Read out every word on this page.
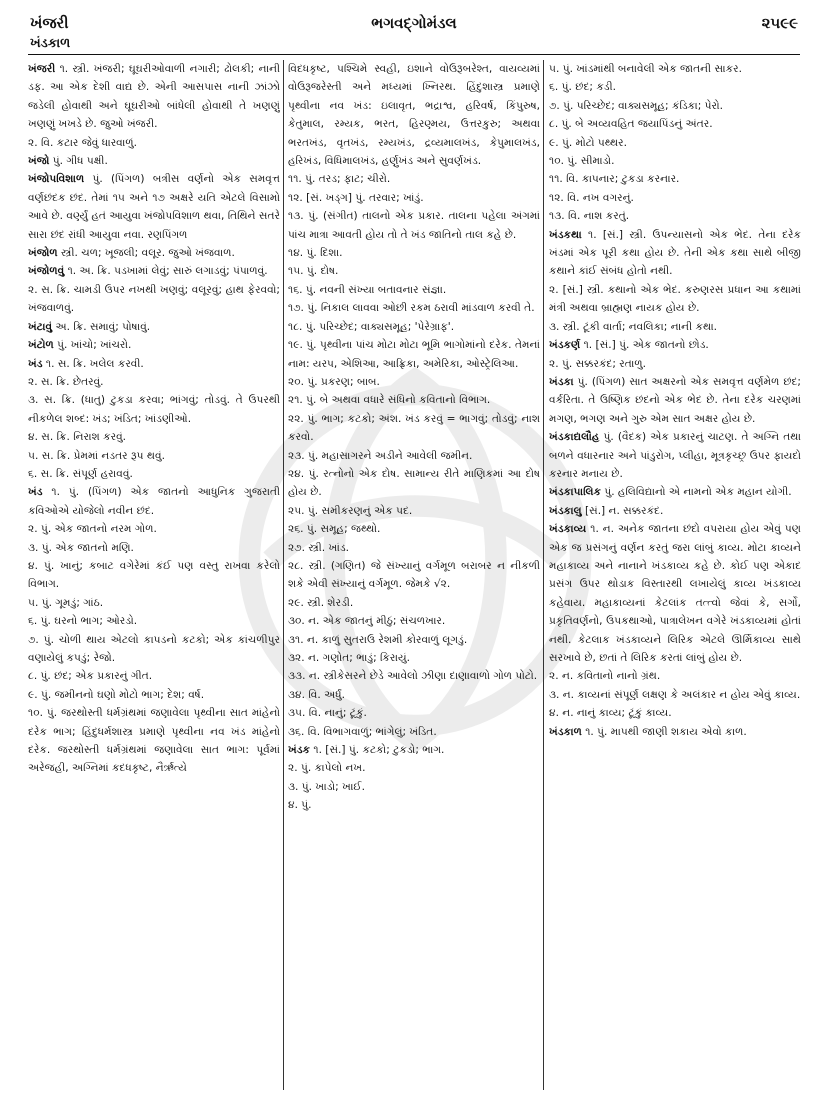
ભગવદ્ગોમંડલ
ખંજરી	૨૫૯૯
ખંડકાળ

ખંજરી ૧. સ્ત્રી. ખંજરી; ઘૂઘરીઓવાળી નગારી; ઢોલકી; નાની ડફ. આ એક દેશી વાદ્ય છે. એની આસપાસ નાની ઝાંઝો જડેલી હોવાથી અને ઘૂઘરીઓ બાંધેલી હોવાથી તે ખણણું ખણણું ખખડે છે. જુઓ ખંજરી.

૨. વિ. કટાર જેવું ધારવાળું.

ખંજો પું. ગીધ પક્ષી.

ખંજોપવિશાળ પું. (પિંગળ) બત્રીસ વર્ણનો એક સમવૃત્ત વર્ણછંદક છંદ. તેમાં ૧૫ અને ૧૭ અક્ષરે યતિ એટલે વિસામો આવે છે. વર્ણ્યું હતં આયુવા ખંજોપવિશાળ થવા, તિથિને સતરે સારા છંદ રાંધી આયુવા નવા. રણપિંગળ

ખંજોળ સ્ત્રી. ચળ; ખૂજલી; વલૂર. જુઓ ખંજવાળ.

ખંજોળવું ૧. અ. ક્રિ. પડખામાં લેવું; સારું લગાડવું; પંપાળવું.

૨. સ. ક્રિ. ચામડી ઉપર નખથી ખણવું; વલૂરવું; હાથ ફેરવવો; ખંજવાળવું.

ખંટાવું અ. ક્રિ. સમાવું; પોષાવું.

ખંટોળ પું. ખાંચો; ખાંચરો.

ખંડ ૧. સ. ક્રિ. ખલેલ કરવી.

૨. સ. ક્રિ. છેતરવું.

૩. સ. ક્રિ. (ધાતુ) ટુકડા કરવા; ભાંગવું; તોડવું. તે ઉપરથી નીકળેલ શબ્દ: ખંડ; ખંડિત; ખાંડણીઓ.

૪. સ. ક્રિ. નિરાશ કરવું.

૫. સ. ક્રિ. પ્રેમમાં નડતર રૂપ થવું.

૬. સ. ક્રિ. સંપૂર્ણ હરાવવું.

ખંડ ૧. પું. (પિંગળ) એક જાતનો આધુનિક ગુજરાતી કવિઓએ યોજેલો નવીન છંદ.

૨. પું. એક જાતનો નરમ ગોળ.

૩. પું. એક જાતનો મણિ.

૪. પું. ખાનું; કબાટ વગેરેમાં કંઈ પણ વસ્તુ રાખવા કરેલો વિભાગ.

૫. પું. ગૂમડું; ગાંઠ.

૬. પું. ઘરનો ભાગ; ઓરડો.

૭. પું. ચોળી થાય એટલો કાપડનો કટકો; એક કાંચળીપુર વણાયેલું કપડું; રેજો.

૮. પું. છંદ; એક પ્રકારનું ગીત.

૯. પું. જમીનનો ઘણો મોટો ભાગ; દેશ; વર્ષ.

૧૦. પું. જરથોસ્તી ધર્મગ્રંથમાં જણાવેલા પૃથ્વીના સાત માંહેનો દરેક ભાગ; હિંદુધર્મશાસ્ત્ર પ્રમાણે પૃથ્વીના નવ ખંડ માંહેનો દરેક. જરથોસ્તી ધર્મગ્રંથમાં જણાવેલા સાત ભાગ: પૂર્વમાં અરેજહી, અગ્નિમાં કદધકૃષ્ટ, નૈર્ઋત્યે

વિદધકૃષ્ટ, પશ્ચિમે સ્વહી, ઇશાને વોઉરૂબરેશ્ત, વાયવ્યમાં વોઉરૂજરેસ્તી અને મધ્યમાં ખ્નિરથ. હિંદુશાસ્ત્ર પ્રમાણે પૃથ્વીના નવ ખંડ: ઇલાવૃત, ભદ્રાશ્વ, હરિવર્ષ, કિંપુરુષ, કેતુમાલ, રમ્યક, ભરત, હિરણ્મય, ઉત્તરકુરુ; અથવા ભરતખંડ, વૃતખંડ, રમ્યખંડ, દ્રવ્યમાલખંડ, કેપુમાલખંડ, હરિખંડ, વિધિમાલખંડ, હર્ણુખંડ અને સુવર્ણખંડ.

૧૧. પું. તરડ; ફાટ; ચીરો.

૧૨. [સં. ખડ્ગ] પું. તરવાર; ખાંડું.

૧૩. પું. (સંગીત) તાલનો એક પ્રકાર. તાલના પહેલા અંગમાં પાંચ માત્રા આવતી હોય તો તે ખંડ જાતિનો તાલ કહે છે.

૧૪. પું. દિશા.

૧૫. પું. દોષ.

૧૬. પું. નવની સંખ્યા બતાવનાર સંજ્ઞા.

૧૭. પું. નિકાલ લાવવા ઓછી રકમ ઠરાવી માંડવાળ કરવી તે.

૧૮. પું. પરિચ્છેદ; વાક્યસમૂહ; 'પેરેગ્રાફ'.

૧૯. પું. પૃથ્વીના પાંચ મોટા મોટા ભૂમિ ભાગોમાંનો દરેક. તેમનાં નામ: યરપ, એશિઆ, આફ્રિકા, અમેરિકા, ઓસ્ટ્રેલિઆ.

૨૦. પું. પ્રકરણ; બાબ.

૨૧. પું. બે અથવા વધારે સંધિનો કવિતાનો વિભાગ.

૨૨. પું. ભાગ; કટકો; અંશ. ખંડ કરવું = ભાગવું; તોડવું; નાશ કરવો.

૨૩. પું. મહાસાગરને અડીને આવેલી જમીન.

૨૪. પું. રત્નોનો એક દોષ. સામાન્ય રીતે માણિકમાં આ દોષ હોય છે.

૨૫. પું. સમીકરણનું એક પદ.

૨૬. પું. સમૂહ; જથ્થો.

૨૭. સ્ત્રી. ખાંડ.

૨૮. સ્ત્રી. (ગણિત) જે સંખ્યાનું વર્ગમૂળ બરાબર ન નીકળી શકે એવી સંખ્યાનું વર્ગમૂળ. જેમકે √૨.

૨૯. સ્ત્રી. શેરડી.

૩૦. ન. એક જાતનું મીઠું; સંચળખાર.

૩૧. ન. કાળું સુતરાઉ રેશમી કોરવાળું લૂગડું.

૩૨. ન. ગણોત; ભાડું; કિરાયું.

૩૩. ન. સ્ત્રીકેસરને છેડે આવેલો ઝીણા દાણાવાળો ગોળ પોટો.

૩૪. વિ. અર્ધું.

૩૫. વિ. નાનું; ટૂંકું.

૩૬. વિ. વિભાગવાળું; ભાંગેલું; ખંડિત.

ખંડક ૧. [સં.] પું. કટકો; ટુકડો; ભાગ.

૨. પું. કાપેલો નખ.

૩. પું. ખાડો; ખાઈ.

૪. પું.

૫. પું. ખાંડમાંથી બનાવેલી એક જાતની સાકર.

૬. પું. છંદ; કડી.

૭. પું. પરિચ્છેદ; વાક્યસમૂહ; કંડિકા; પેરો.

૮. પું. બે અવ્યવહિત જયાપિંડનું અંતર.

૯. પું. મોટો પથ્થર.

૧૦. પું. સીમાડો.

૧૧. વિ. કાપનાર; ટુકડા કરનાર.

૧૨. વિ. નખ વગરનું.

૧૩. વિ. નાશ કરતું.

ખંડકથા ૧. [સં.] સ્ત્રી. ઉપન્યાસનો એક ભેદ. તેના દરેક ખંડમાં એક પૂરી કથા હોય છે. તેની એક કથા સાથે બીજી કથાને કાંઈ સંબંધ હોતો નથી.

૨. [સં.] સ્ત્રી. કથાનો એક ભેદ. કરુણરસ પ્રધાન આ કથામાં મંત્રી અથવા બ્રાહ્મણ નાયક હોય છે.

૩. સ્ત્રી. ટૂંકી વાર્તા; નવલિકા; નાની કથા.

ખંડકર્ણ ૧. [સં.] પું. એક જાતનો છોડ.

૨. પું. સક્કરકંદ; રતાળુ.

ખંડકા પું. (પિંગળ) સાત અક્ષરનો એક સમવૃત્ત વર્ણમેળ છંદ; વર્કરિતા. તે ઉષ્ણિક છંદનો એક ભેદ છે. તેના દરેક ચરણમાં મગણ, ભગણ અને ગુરુ એમ સાત અક્ષર હોય છે.

ખંડકાદ્યલૌહ પું. (વૈદક) એક પ્રકારનું ચાટણ. તે અગ્નિ તથા બળને વધારનાર અને પાંડુરોગ, પ્લીહા, મૂત્રકૃચ્છ્ર ઉપર ફાયદો કરનાર મનાય છે.

ખંડકાપાલિક પું. હલિવિદ્યાનો એ નામનો એક મહાન યોગી.

ખંડકાલુ [સં.] ન. સક્કરકંદ.

ખંડકાવ્ય ૧. ન. અનેક જાતના છંદો વપરાયા હોય એવું પણ એક જ પ્રસંગનું વર્ણન કરતું જરા લાંબું કાવ્ય. મોટા કાવ્યને મહાકાવ્ય અને નાનાને ખંડકાવ્ય કહે છે. કોઈ પણ એકાદ પ્રસંગ ઉપર થોડાક વિસ્તારથી લખાયેલું કાવ્ય ખંડકાવ્ય કહેવાય. મહાકાવ્યનાં કેટલાંક તત્ત્વો જેવાં કે, સર્ગો, પ્રકૃતિવર્ણનો, ઉપકથાઓ, પાત્રાલેખન વગેરે ખંડકાવ્યમાં હોતાં નથી. કેટલાક ખંડકાવ્યને લિરિક એટલે ઊર્મિકાવ્ય સાથે સરખાવે છે, છતાં તે લિરિક કરતાં લાંબું હોય છે.

૨. ન. કવિતાનો નાનો ગ્રંથ.

૩. ન. કાવ્યનાં સંપૂર્ણ લક્ષણ કે અલંકાર ન હોય એવું કાવ્ય.

૪. ન. નાનું કાવ્ય; ટૂંકું કાવ્ય.

ખંડકાળ ૧. પું. માપથી જાણી શકાય એવો કાળ.
